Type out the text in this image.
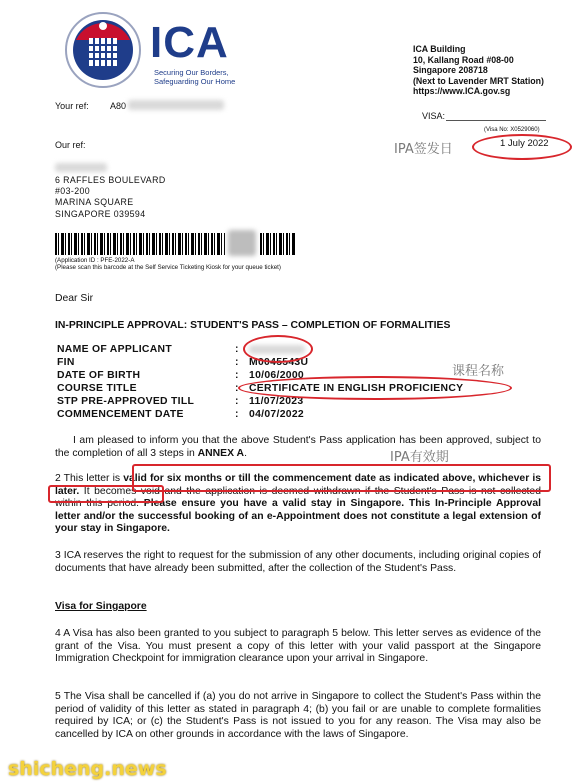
ICA
Securing Our Borders,
Safeguarding Our Home
ICA Building
10, Kallang Road #08-00
Singapore 208718
(Next to Lavender MRT Station)
https://www.ICA.gov.sg
VISA:
Your ref: A80
Our ref:
(Visa No: X0529060)
1 July 2022
IPA签发日
6 RAFFLES BOULEVARD
#03-200
MARINA SQUARE
SINGAPORE 039594
(Application ID : PFE-2022-A
(Please scan this barcode at the Self Service Ticketing Kiosk for your queue ticket)
Dear Sir
IN-PRINCIPLE APPROVAL: STUDENT'S PASS – COMPLETION OF FORMALITIES
NAME OF APPLICANT	:	
FIN	:	M0045543U
DATE OF BIRTH	:	10/06/2000
COURSE TITLE	:	CERTIFICATE IN ENGLISH PROFICIENCY
STP PRE-APPROVED TILL	:	11/07/2023
COMMENCEMENT DATE	:	04/07/2022
课程名称
I am pleased to inform you that the above Student's Pass application has been approved, subject to the completion of all 3 steps in ANNEX A.	IPA有效期
2 This letter is valid for six months or till the commencement date as indicated above, whichever is later. It becomes void and the application is deemed withdrawn if the Student's Pass is not collected within this period. Please ensure you have a valid stay in Singapore. This In-Principle Approval letter and/or the successful booking of an e-Appointment does not constitute a legal extension of your stay in Singapore.
3 ICA reserves the right to request for the submission of any other documents, including original copies of documents that have already been submitted, after the collection of the Student's Pass.
Visa for Singapore
4 A Visa has also been granted to you subject to paragraph 5 below. This letter serves as evidence of the grant of the Visa. You must present a copy of this letter with your valid passport at the Singapore Immigration Checkpoint for immigration clearance upon your arrival in Singapore.
5 The Visa shall be cancelled if (a) you do not arrive in Singapore to collect the Student's Pass within the period of validity of this letter as stated in paragraph 4; (b) you fail or are unable to complete formalities required by ICA; or (c) the Student's Pass is not issued to you for any reason. The Visa may also be cancelled by ICA on other grounds in accordance with the laws of Singapore.
shicheng.news
